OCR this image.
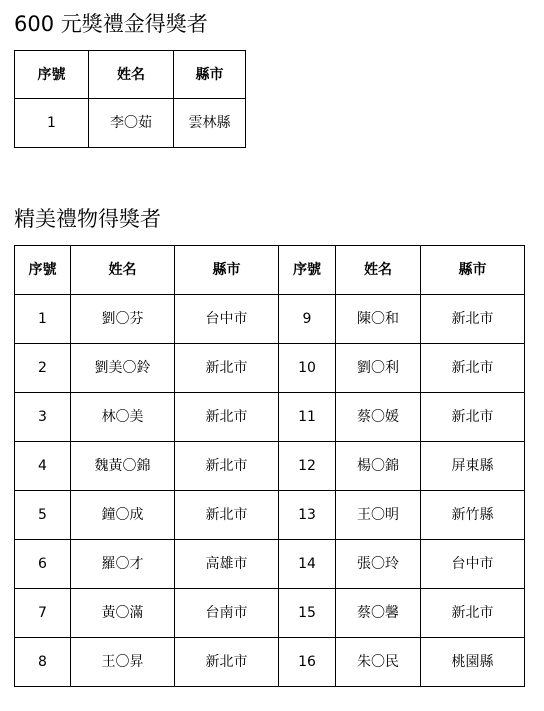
600 元獎禮金得獎者
序號	姓名	縣市
1	李〇茹	雲林縣
精美禮物得獎者
序號	姓名	縣市	序號	姓名	縣市
1	劉〇芬	台中市	9	陳〇和	新北市
2	劉美〇鈴	新北市	10	劉〇利	新北市
3	林〇美	新北市	11	蔡〇媛	新北市
4	魏黃〇錦	新北市	12	楊〇錦	屏東縣
5	鐘〇成	新北市	13	王〇明	新竹縣
6	羅〇才	高雄市	14	張〇玲	台中市
7	黃〇滿	台南市	15	蔡〇馨	新北市
8	王〇昇	新北市	16	朱〇民	桃園縣
